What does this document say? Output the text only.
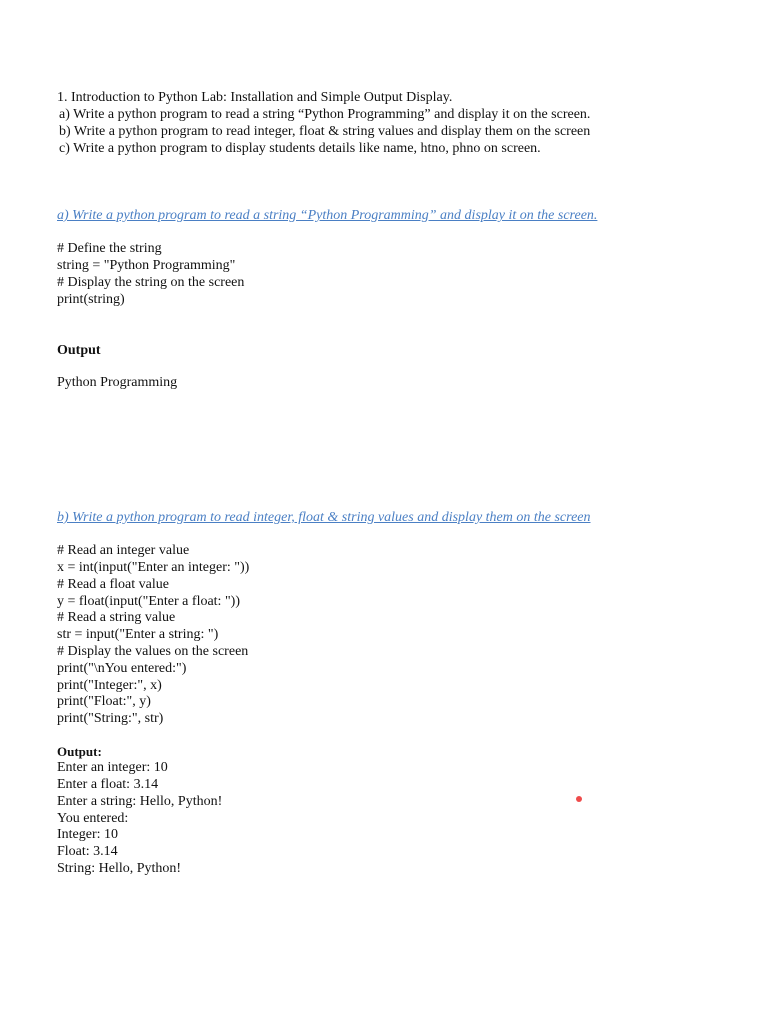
1. Introduction to Python Lab: Installation and Simple Output Display.
a) Write a python program to read a string “Python Programming” and display it on the screen.
b) Write a python program to read integer, float & string values and display them on the screen
c) Write a python program to display students details like name, htno, phno on screen.
a) Write a python program to read a string “Python Programming” and display it on the screen.
# Define the string
string = "Python Programming"
# Display the string on the screen
print(string)
Output
Python Programming
b) Write a python program to read integer, float & string values and display them on the screen
# Read an integer value
x = int(input("Enter an integer: "))
# Read a float value
y = float(input("Enter a float: "))
# Read a string value
str = input("Enter a string: ")
# Display the values on the screen
print("\nYou entered:")
print("Integer:", x)
print("Float:", y)
print("String:", str)
Output:
Enter an integer: 10
Enter a float: 3.14
Enter a string: Hello, Python!
You entered:
Integer: 10
Float: 3.14
String: Hello, Python!
